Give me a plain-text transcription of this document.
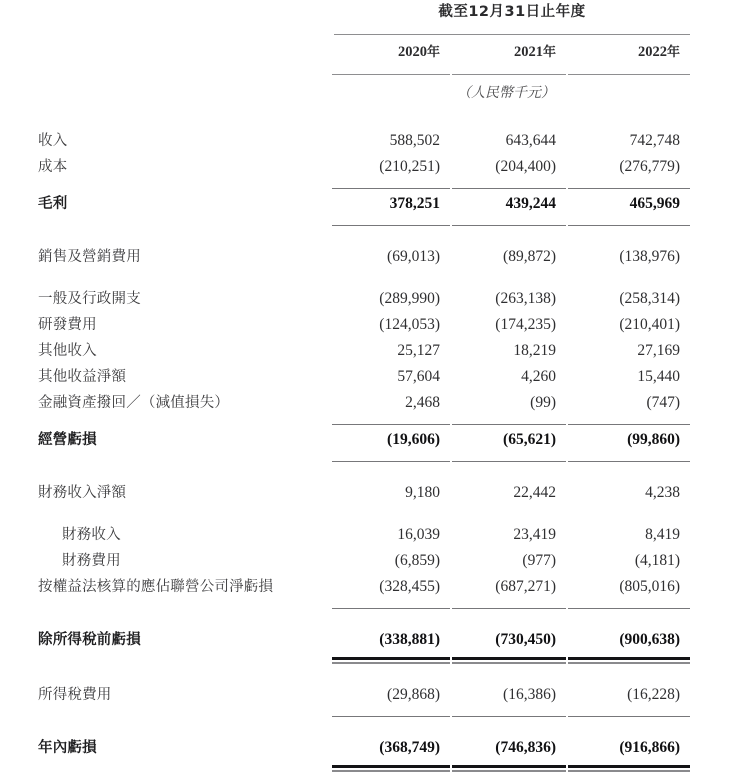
	截至12月31日止年度			

	2020年	2021年	2022年	

	（人民幣千元）			

收入	588,502	643,644	742,748	
成本	(210,251)	(204,400)	(276,779)	

毛利	378,251	439,244	465,969	

銷售及營銷費用	(69,013)	(89,872)	(138,976)	

一般及行政開支	(289,990)	(263,138)	(258,314)	
研發費用	(124,053)	(174,235)	(210,401)	
其他收入	25,127	18,219	27,169	
其他收益淨額	57,604	4,260	15,440	
金融資產撥回／（減值損失）	2,468	(99)	(747)	

經營虧損	(19,606)	(65,621)	(99,860)	

財務收入淨額	9,180	22,442	4,238	

財務收入	16,039	23,419	8,419	
財務費用	(6,859)	(977)	(4,181)	
按權益法核算的應佔聯營公司淨虧損	(328,455)	(687,271)	(805,016)	

除所得稅前虧損	(338,881)	(730,450)	(900,638)	

所得稅費用	(29,868)	(16,386)	(16,228)	

年內虧損	(368,749)	(746,836)	(916,866)	
